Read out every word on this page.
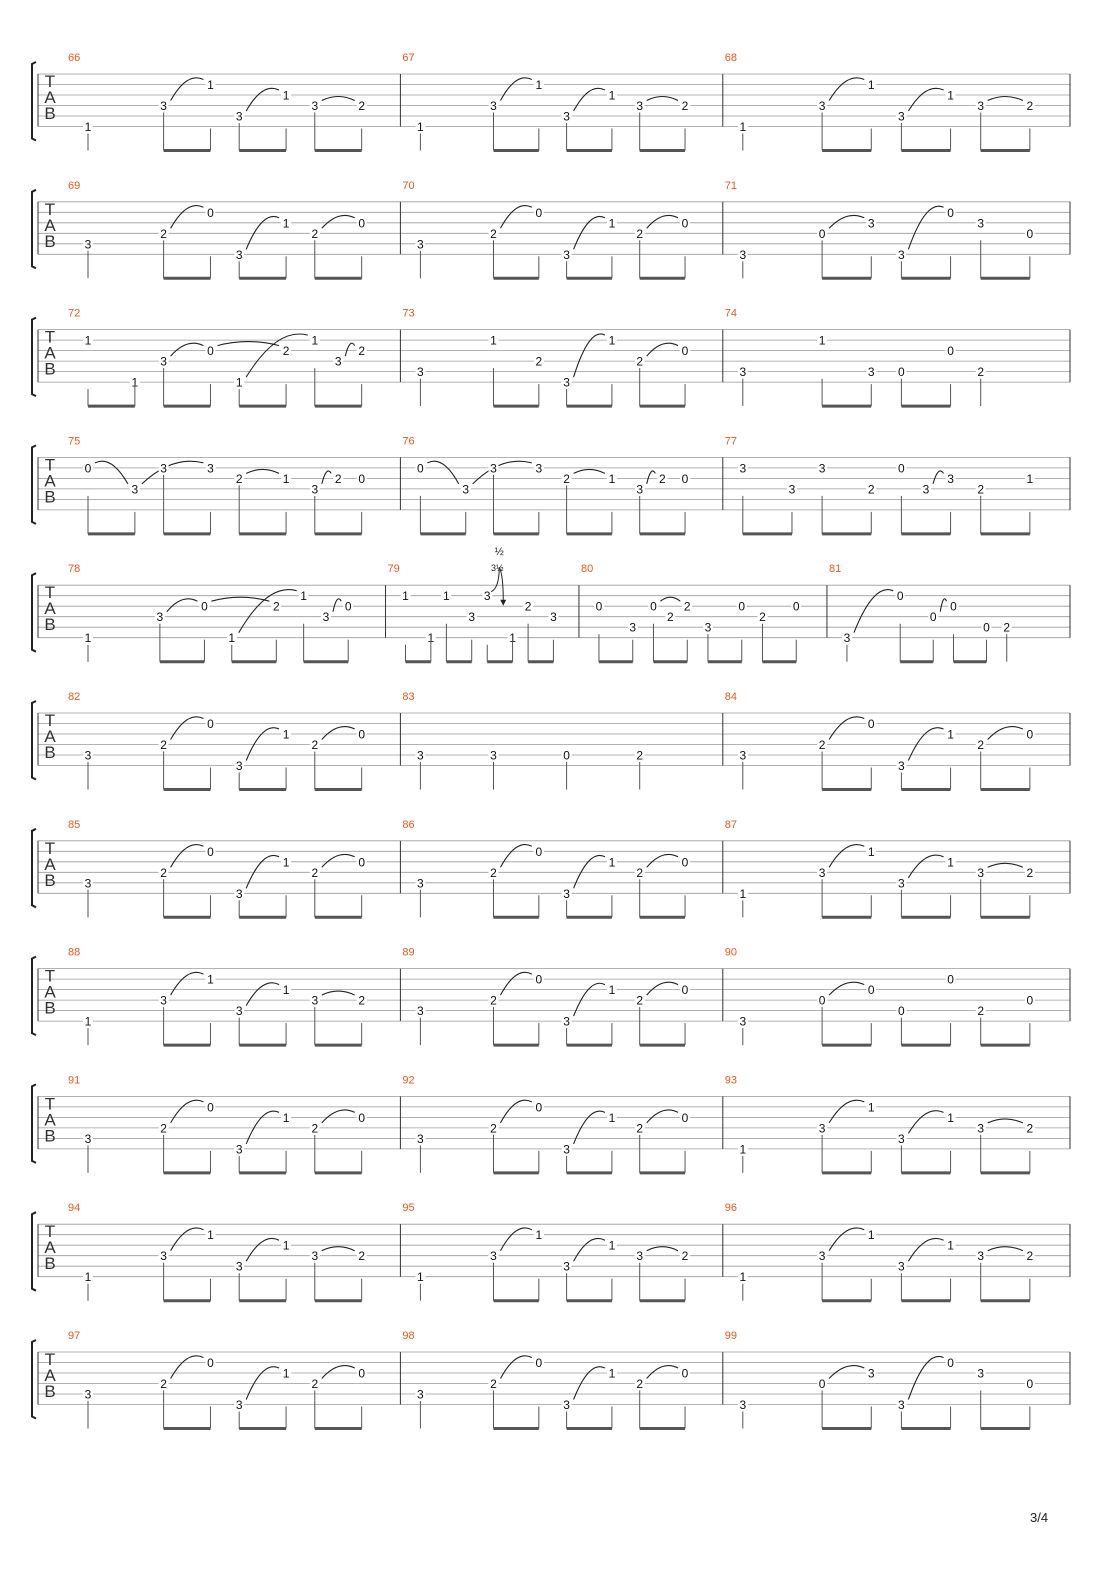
T
A
B
66
1
3
1
3
1
3	2
67
1
3
1
3
1
3	2
68
1
3
1
3
1
3	2
T
A
B
69
3
2
0
3
1
2
0
70
3
2
0
3
1
2
0
71
3
0
3
3
0
3
0
T
A
B
72
1
1
3
0
1
2
1
3
2
73
3
1
2
3
1
2
0
74
3
1
3 0
0
2
T
A
B
75
0
3
3	3
2	1
3
2 0
76
0
3
3	3
2	1
3
2 0
77
3
3
3
2
0
3
3
2
1
T
A
B
78
1
3
0
1
2
1
3
0
79
1
1
1
3
3
1
2
3
½
3½	80
0
3
0
2
2
3
0
2
0
81
3
0
0
0
0 2
T
A
B
82
3
2
0
3
1
2
0
83
3	3	0	2
84
3
2
0
3
1
2
0
T
A
B
85
3
2
0
3
1
2
0
86
3
2
0
3
1
2
0
87
1
3
1
3
1
3	2
T
A
B
88
1
3
1
3
1
3	2
89
3
2
0
3
1
2
0
90
3
0
0
0
0
2
0
T
A
B
91
3
2
0
3
1
2
0
92
3
2
0
3
1
2
0
93
1
3
1
3
1
3	2
T
A
B
94
1
3
1
3
1
3	2
95
1
3
1
3
1
3	2
96
1
3
1
3
1
3	2
T
A
B
97
3
2
0
3
1
2
0
98
3
2
0
3
1
2
0
99
3
0
3
3
0
3
0
3/4
